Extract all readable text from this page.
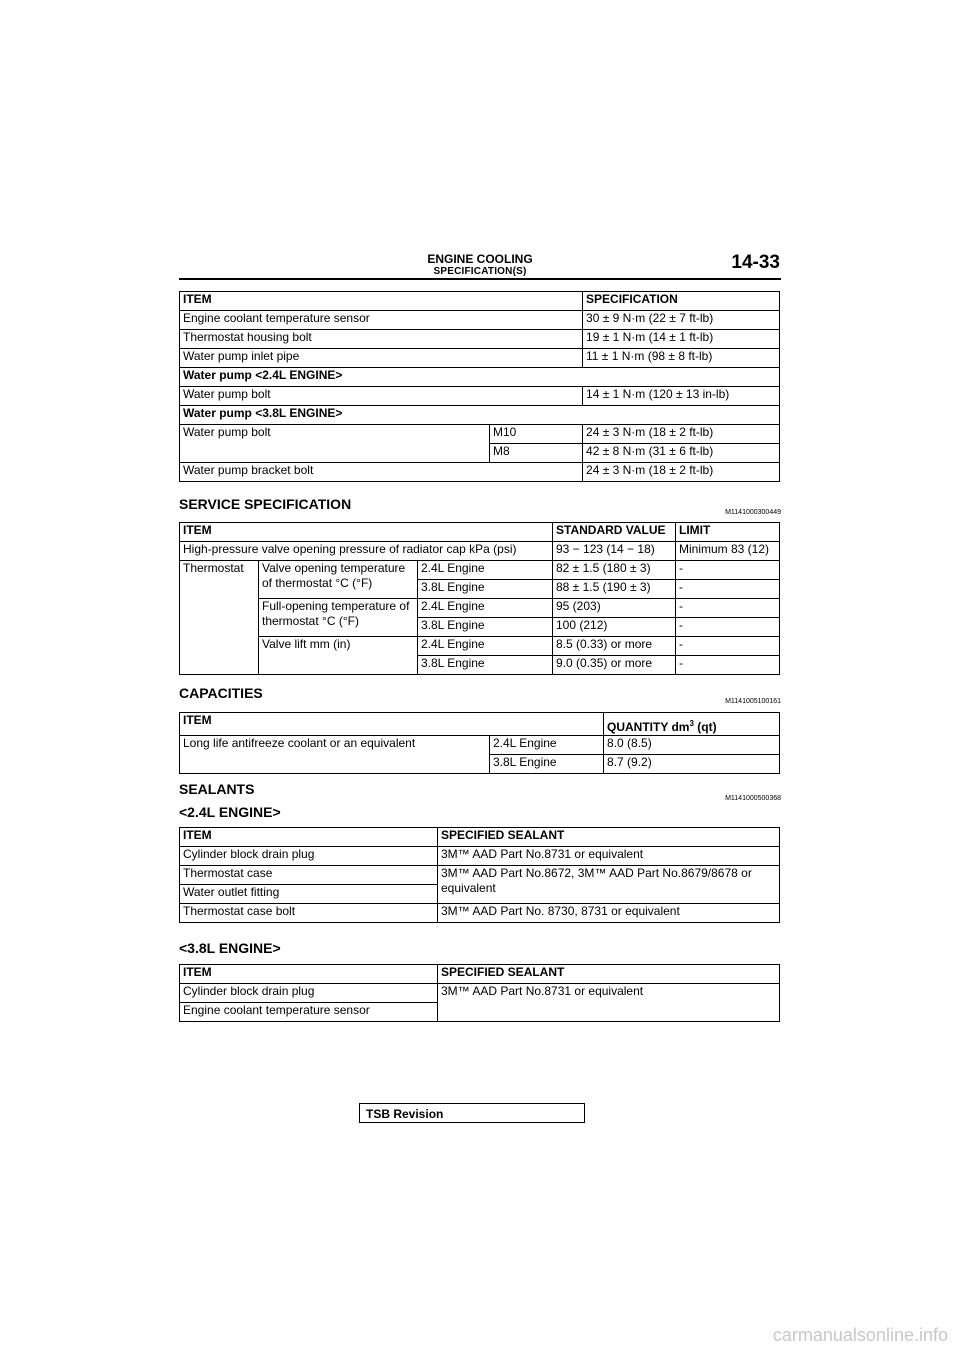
ENGINE COOLING
SPECIFICATION(S)	14-33
ITEM		SPECIFICATION
Engine coolant temperature sensor		30 ± 9 N·m (22 ± 7 ft-lb)
Thermostat housing bolt		19 ± 1 N·m (14 ± 1 ft-lb)
Water pump inlet pipe		11 ± 1 N·m (98 ± 8 ft-lb)
Water pump <2.4L ENGINE>		
Water pump bolt		14 ± 1 N·m (120 ± 13 in-lb)
Water pump <3.8L ENGINE>		
Water pump bolt	M10	24 ± 3 N·m (18 ± 2 ft-lb)
	M8	42 ± 8 N·m (31 ± 6 ft-lb)
Water pump bracket bolt		24 ± 3 N·m (18 ± 2 ft-lb)
SERVICE SPECIFICATION
M1141000300449
ITEM			STANDARD VALUE	LIMIT
High-pressure valve opening pressure of radiator cap kPa (psi)			93 − 123 (14 − 18)	Minimum 83 (12)
Thermostat	Valve opening temperature of thermostat °C (°F)	2.4L Engine	82 ± 1.5 (180 ± 3)	-
		3.8L Engine	88 ± 1.5 (190 ± 3)	-
	Full-opening temperature of thermostat °C (°F)	2.4L Engine	95 (203)	-
		3.8L Engine	100 (212)	-
	Valve lift mm (in)	2.4L Engine	8.5 (0.33) or more	-
		3.8L Engine	9.0 (0.35) or more	-
CAPACITIES
M1141005100161
ITEM		QUANTITY $dm^3$ (qt)
Long life antifreeze coolant or an equivalent	2.4L Engine	8.0 (8.5)
	3.8L Engine	8.7 (9.2)
SEALANTS
M1141000500368
<2.4L ENGINE>
ITEM	SPECIFIED SEALANT
Cylinder block drain plug	3M™ AAD Part No.8731 or equivalent
Thermostat case	3M™ AAD Part No.8672, 3M™ AAD Part No.8679/8678 or equivalent
Water outlet fitting	
Thermostat case bolt	3M™ AAD Part No. 8730, 8731 or equivalent
<3.8L ENGINE>
ITEM	SPECIFIED SEALANT
Cylinder block drain plug	3M™ AAD Part No.8731 or equivalent
Engine coolant temperature sensor	
TSB Revision
carmanualsonline.info
